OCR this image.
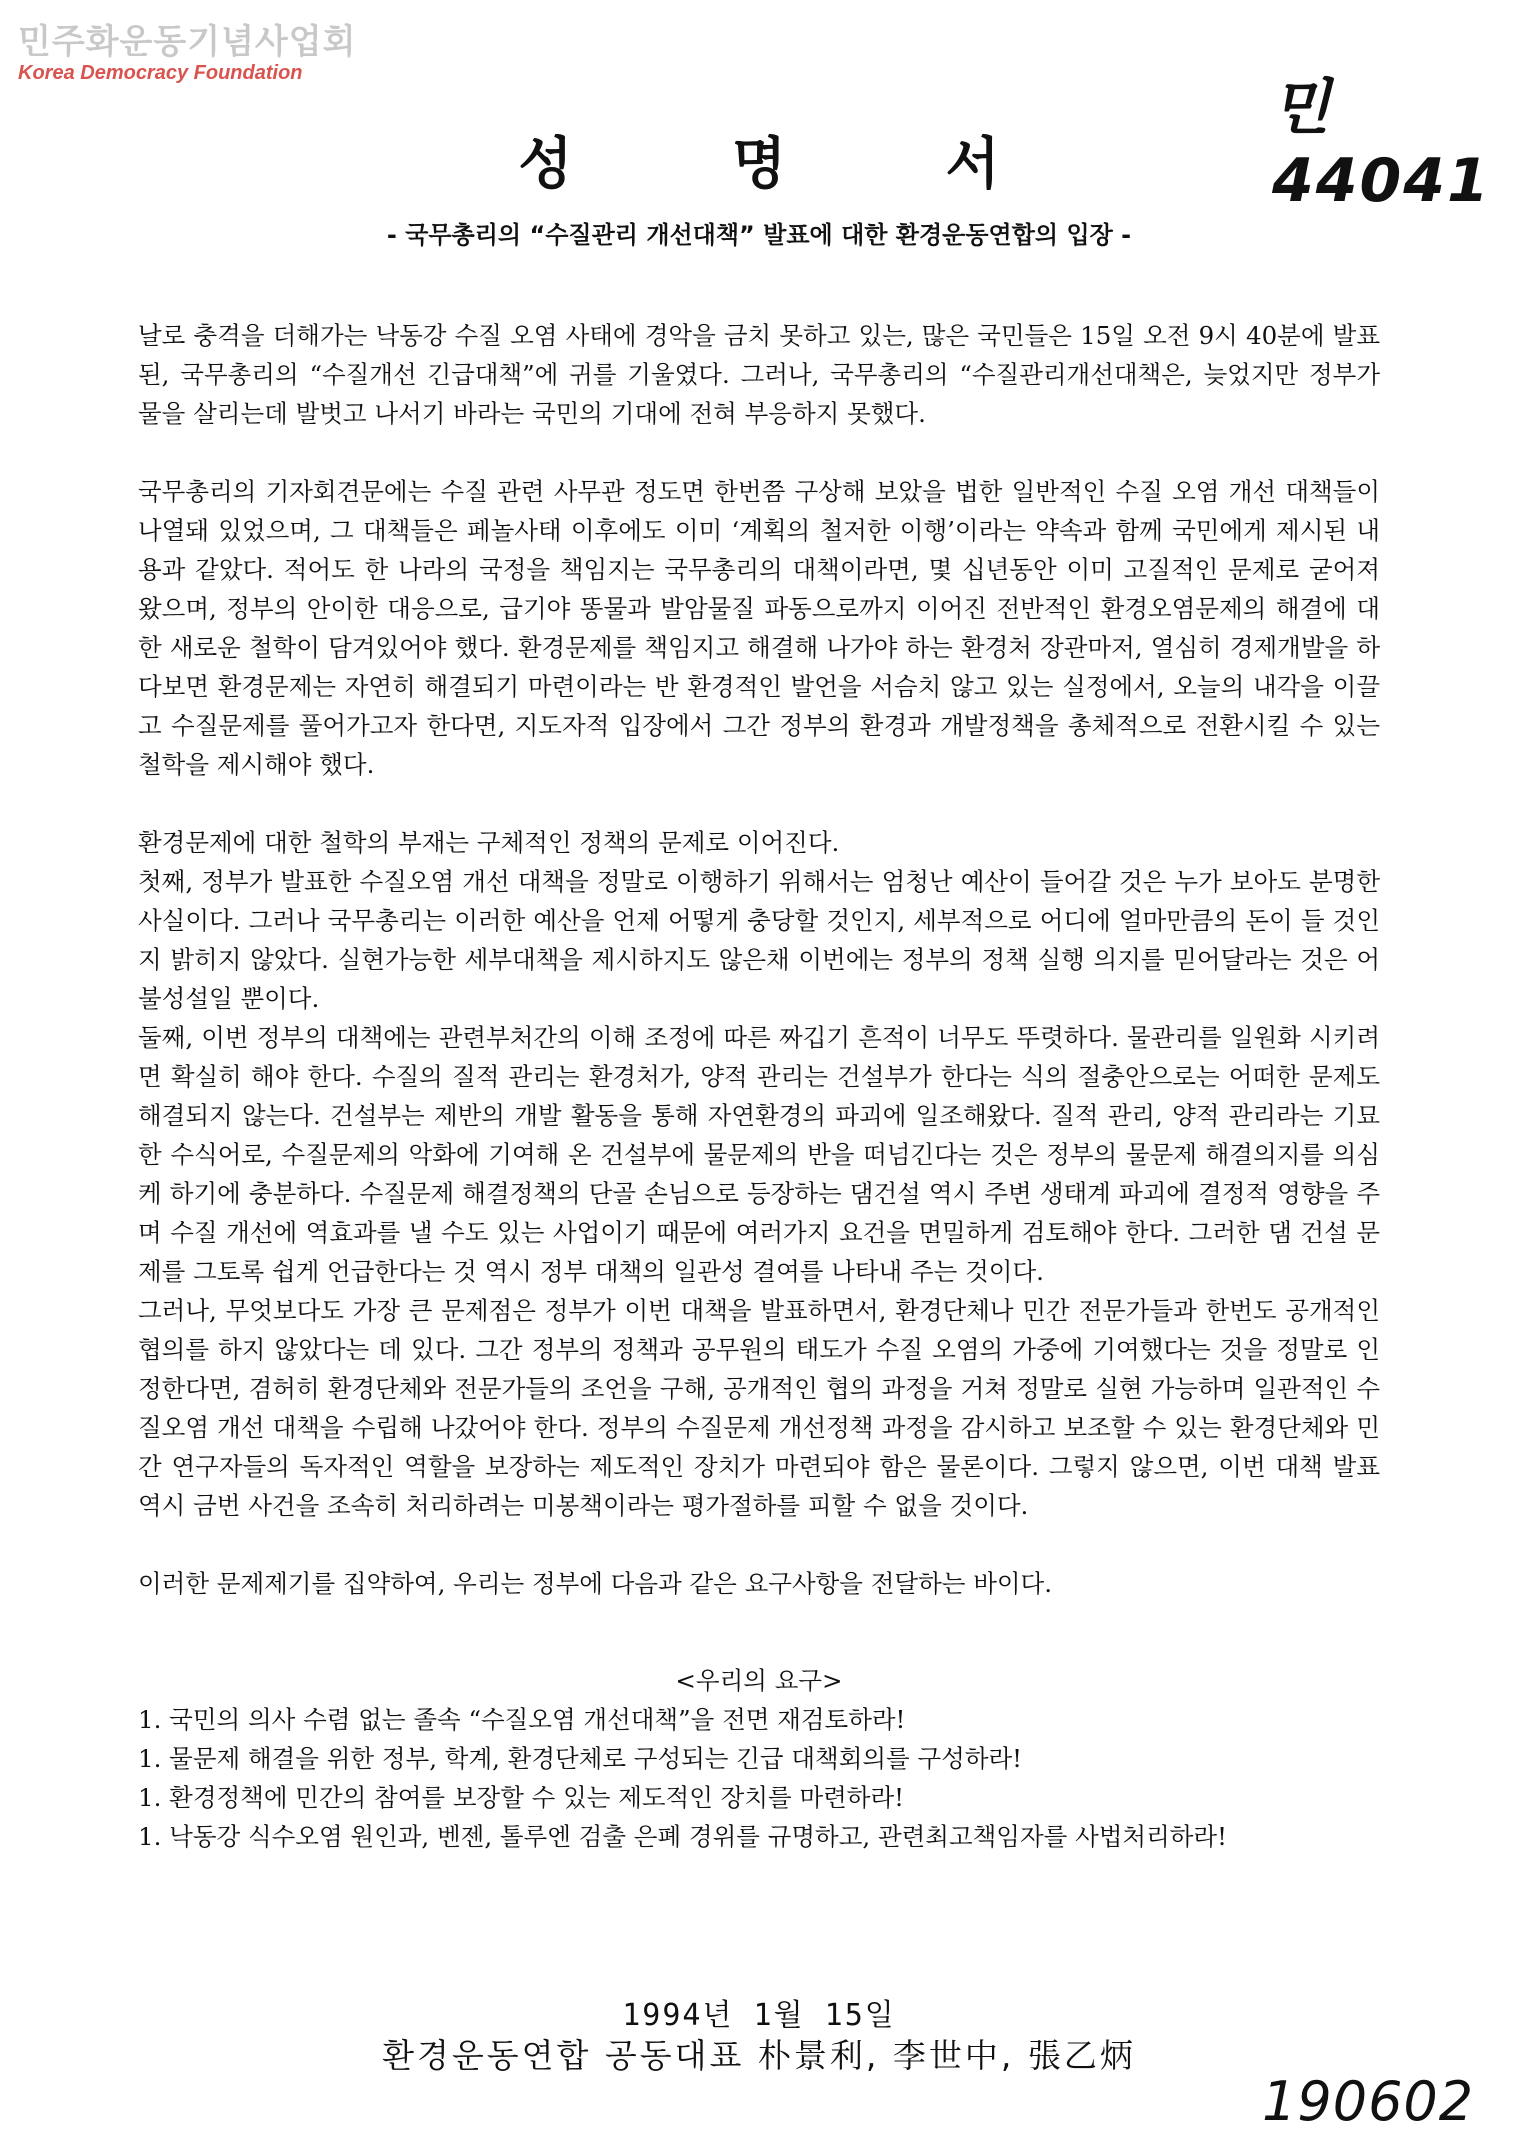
민주화운동기념사업회
Korea Democracy Foundation	민44041
성 명 서
- 국무총리의 “수질관리 개선대책” 발표에 대한 환경운동연합의 입장 -

날로 충격을 더해가는 낙동강 수질 오염 사태에 경악을 금치 못하고 있는, 많은 국민들은 15일 오전 9시 40분에 발표된, 국무총리의 “수질개선 긴급대책”에 귀를 기울였다. 그러나, 국무총리의 “수질관리개선대책은, 늦었지만 정부가 물을 살리는데 발벗고 나서기 바라는 국민의 기대에 전혀 부응하지 못했다.

국무총리의 기자회견문에는 수질 관련 사무관 정도면 한번쯤 구상해 보았을 법한 일반적인 수질 오염 개선 대책들이 나열돼 있었으며, 그 대책들은 페놀사태 이후에도 이미 ‘계획의 철저한 이행’이라는 약속과 함께 국민에게 제시된 내용과 같았다. 적어도 한 나라의 국정을 책임지는 국무총리의 대책이라면, 몇 십년동안 이미 고질적인 문제로 굳어져 왔으며, 정부의 안이한 대응으로, 급기야 똥물과 발암물질 파동으로까지 이어진 전반적인 환경오염문제의 해결에 대한 새로운 철학이 담겨있어야 했다. 환경문제를 책임지고 해결해 나가야 하는 환경처 장관마저, 열심히 경제개발을 하다보면 환경문제는 자연히 해결되기 마련이라는 반 환경적인 발언을 서슴치 않고 있는 실정에서, 오늘의 내각을 이끌고 수질문제를 풀어가고자 한다면, 지도자적 입장에서 그간 정부의 환경과 개발정책을 총체적으로 전환시킬 수 있는 철학을 제시해야 했다.

환경문제에 대한 철학의 부재는 구체적인 정책의 문제로 이어진다.

첫째, 정부가 발표한 수질오염 개선 대책을 정말로 이행하기 위해서는 엄청난 예산이 들어갈 것은 누가 보아도 분명한 사실이다. 그러나 국무총리는 이러한 예산을 언제 어떻게 충당할 것인지, 세부적으로 어디에 얼마만큼의 돈이 들 것인지 밝히지 않았다. 실현가능한 세부대책을 제시하지도 않은채 이번에는 정부의 정책 실행 의지를 믿어달라는 것은 어불성설일 뿐이다.

둘째, 이번 정부의 대책에는 관련부처간의 이해 조정에 따른 짜깁기 흔적이 너무도 뚜렷하다. 물관리를 일원화 시키려면 확실히 해야 한다. 수질의 질적 관리는 환경처가, 양적 관리는 건설부가 한다는 식의 절충안으로는 어떠한 문제도 해결되지 않는다. 건설부는 제반의 개발 활동을 통해 자연환경의 파괴에 일조해왔다. 질적 관리, 양적 관리라는 기묘한 수식어로, 수질문제의 악화에 기여해 온 건설부에 물문제의 반을 떠넘긴다는 것은 정부의 물문제 해결의지를 의심케 하기에 충분하다. 수질문제 해결정책의 단골 손님으로 등장하는 댐건설 역시 주변 생태계 파괴에 결정적 영향을 주며 수질 개선에 역효과를 낼 수도 있는 사업이기 때문에 여러가지 요건을 면밀하게 검토해야 한다. 그러한 댐 건설 문제를 그토록 쉽게 언급한다는 것 역시 정부 대책의 일관성 결여를 나타내 주는 것이다.

그러나, 무엇보다도 가장 큰 문제점은 정부가 이번 대책을 발표하면서, 환경단체나 민간 전문가들과 한번도 공개적인 협의를 하지 않았다는 데 있다. 그간 정부의 정책과 공무원의 태도가 수질 오염의 가중에 기여했다는 것을 정말로 인정한다면, 겸허히 환경단체와 전문가들의 조언을 구해, 공개적인 협의 과정을 거쳐 정말로 실현 가능하며 일관적인 수질오염 개선 대책을 수립해 나갔어야 한다. 정부의 수질문제 개선정책 과정을 감시하고 보조할 수 있는 환경단체와 민간 연구자들의 독자적인 역할을 보장하는 제도적인 장치가 마련되야 함은 물론이다. 그렇지 않으면, 이번 대책 발표 역시 금번 사건을 조속히 처리하려는 미봉책이라는 평가절하를 피할 수 없을 것이다.

이러한 문제제기를 집약하여, 우리는 정부에 다음과 같은 요구사항을 전달하는 바이다.

<우리의 요구>

1. 국민의 의사 수렴 없는 졸속 “수질오염 개선대책”을 전면 재검토하라!
1. 물문제 해결을 위한 정부, 학계, 환경단체로 구성되는 긴급 대책회의를 구성하라!
1. 환경정책에 민간의 참여를 보장할 수 있는 제도적인 장치를 마련하라!
1. 낙동강 식수오염 원인과, 벤젠, 톨루엔 검출 은폐 경위를 규명하고, 관련최고책임자를 사법처리하라!
1994년 1월 15일
환경운동연합 공동대표 朴景利, 李世中, 張乙炳
190602
